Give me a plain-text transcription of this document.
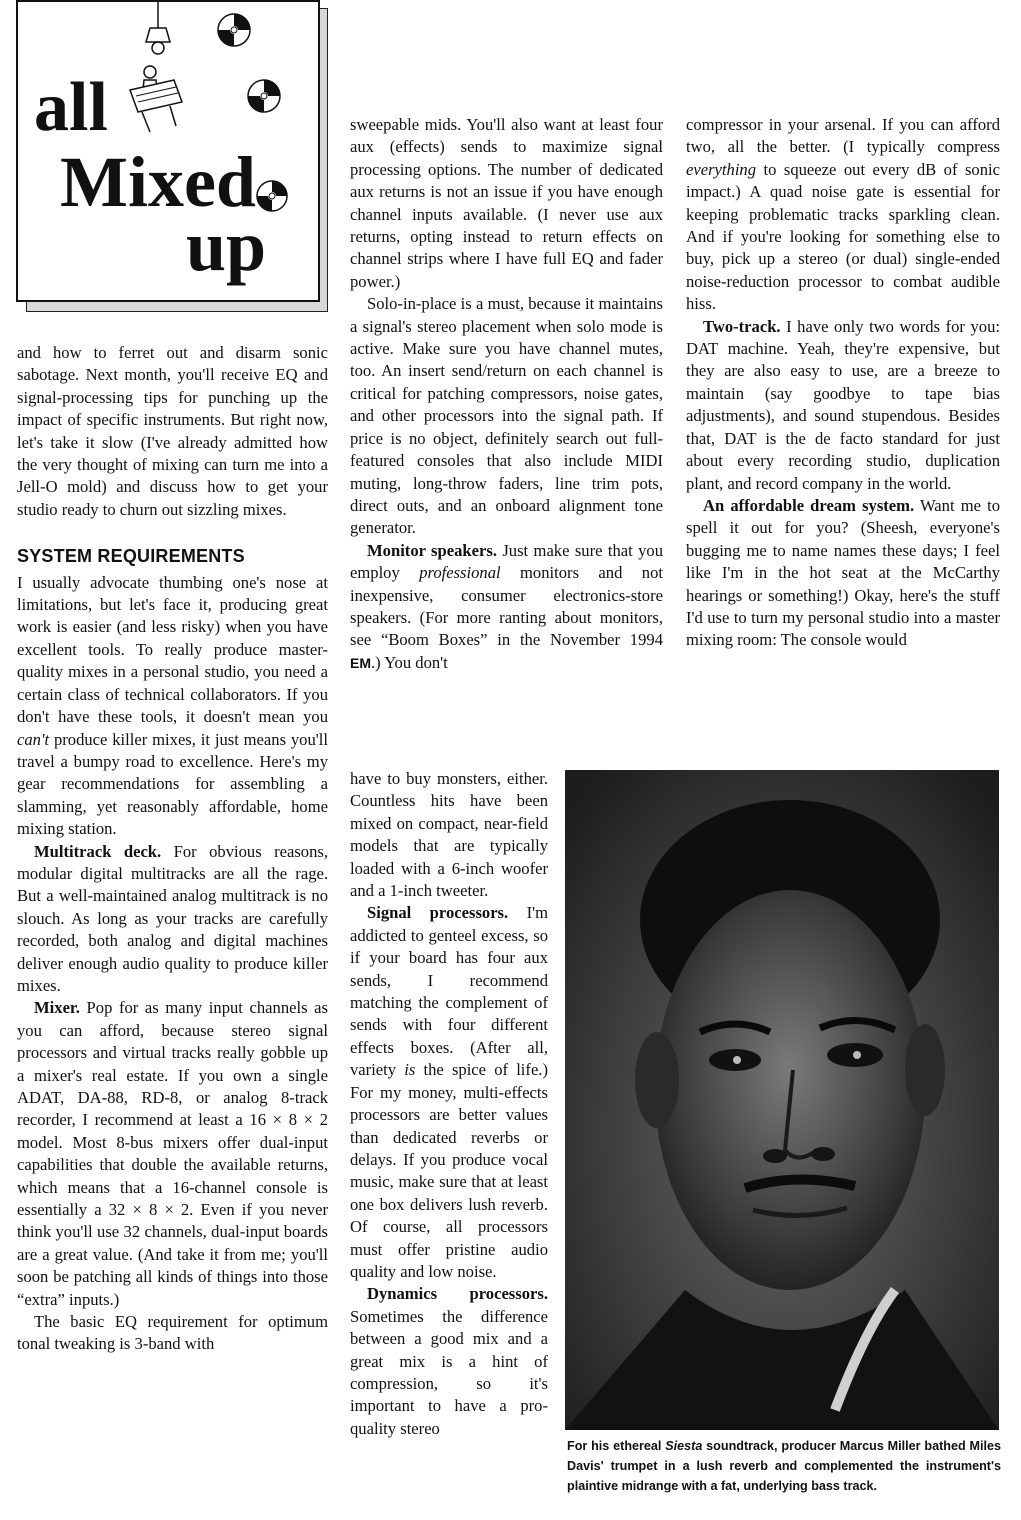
all
Mixed
up

and how to ferret out and disarm sonic sabotage. Next month, you'll receive EQ and signal-processing tips for punching up the impact of specific instruments. But right now, let's take it slow (I've already admitted how the very thought of mixing can turn me into a Jell-O mold) and discuss how to get your studio ready to churn out sizzling mixes.

SYSTEM REQUIREMENTS

I usually advocate thumbing one's nose at limitations, but let's face it, producing great work is easier (and less risky) when you have excellent tools. To really produce master-quality mixes in a personal studio, you need a certain class of technical collaborators. If you don't have these tools, it doesn't mean you can't produce killer mixes, it just means you'll travel a bumpy road to excellence. Here's my gear recommendations for assembling a slamming, yet reasonably affordable, home mixing station.

Multitrack deck. For obvious reasons, modular digital multitracks are all the rage. But a well-maintained analog multitrack is no slouch. As long as your tracks are carefully recorded, both analog and digital machines deliver enough audio quality to produce killer mixes.

Mixer. Pop for as many input channels as you can afford, because stereo signal processors and virtual tracks really gobble up a mixer's real estate. If you own a single ADAT, DA-88, RD-8, or analog 8-track recorder, I recommend at least a 16 × 8 × 2 model. Most 8-bus mixers offer dual-input capabilities that double the available returns, which means that a 16-channel console is essentially a 32 × 8 × 2. Even if you never think you'll use 32 channels, dual-input boards are a great value. (And take it from me; you'll soon be patching all kinds of things into those “extra” inputs.)

The basic EQ requirement for optimum tonal tweaking is 3-band with

sweepable mids. You'll also want at least four aux (effects) sends to maximize signal processing options. The number of dedicated aux returns is not an issue if you have enough channel inputs available. (I never use aux returns, opting instead to return effects on channel strips where I have full EQ and fader power.)

Solo-in-place is a must, because it maintains a signal's stereo placement when solo mode is active. Make sure you have channel mutes, too. An insert send/return on each channel is critical for patching compressors, noise gates, and other processors into the signal path. If price is no object, definitely search out full-featured consoles that also include MIDI muting, long-throw faders, line trim pots, direct outs, and an onboard alignment tone generator.

Monitor speakers. Just make sure that you employ professional monitors and not inexpensive, consumer electronics-store speakers. (For more ranting about monitors, see “Boom Boxes” in the November 1994 EM.) You don't

have to buy monsters, either. Countless hits have been mixed on compact, near-field models that are typically loaded with a 6-inch woofer and a 1-inch tweeter.

Signal processors. I'm addicted to genteel excess, so if your board has four aux sends, I recommend matching the complement of sends with four different effects boxes. (After all, variety is the spice of life.) For my money, multi-effects processors are better values than dedicated reverbs or delays. If you produce vocal music, make sure that at least one box delivers lush reverb. Of course, all processors must offer pristine audio quality and low noise.

Dynamics processors. Sometimes the difference between a good mix and a great mix is a hint of compression, so it's important to have a pro-quality stereo

compressor in your arsenal. If you can afford two, all the better. (I typically compress everything to squeeze out every dB of sonic impact.) A quad noise gate is essential for keeping problematic tracks sparkling clean. And if you're looking for something else to buy, pick up a stereo (or dual) single-ended noise-reduction processor to combat audible hiss.

Two-track. I have only two words for you: DAT machine. Yeah, they're expensive, but they are also easy to use, are a breeze to maintain (say goodbye to tape bias adjustments), and sound stupendous. Besides that, DAT is the de facto standard for just about every recording studio, duplication plant, and record company in the world.

An affordable dream system. Want me to spell it out for you? (Sheesh, everyone's bugging me to name names these days; I feel like I'm in the hot seat at the McCarthy hearings or something!) Okay, here's the stuff I'd use to turn my personal studio into a master mixing room: The console would

For his ethereal Siesta soundtrack, producer Marcus Miller bathed Miles Davis' trumpet in a lush reverb and complemented the instrument's plaintive midrange with a fat, underlying bass track.
